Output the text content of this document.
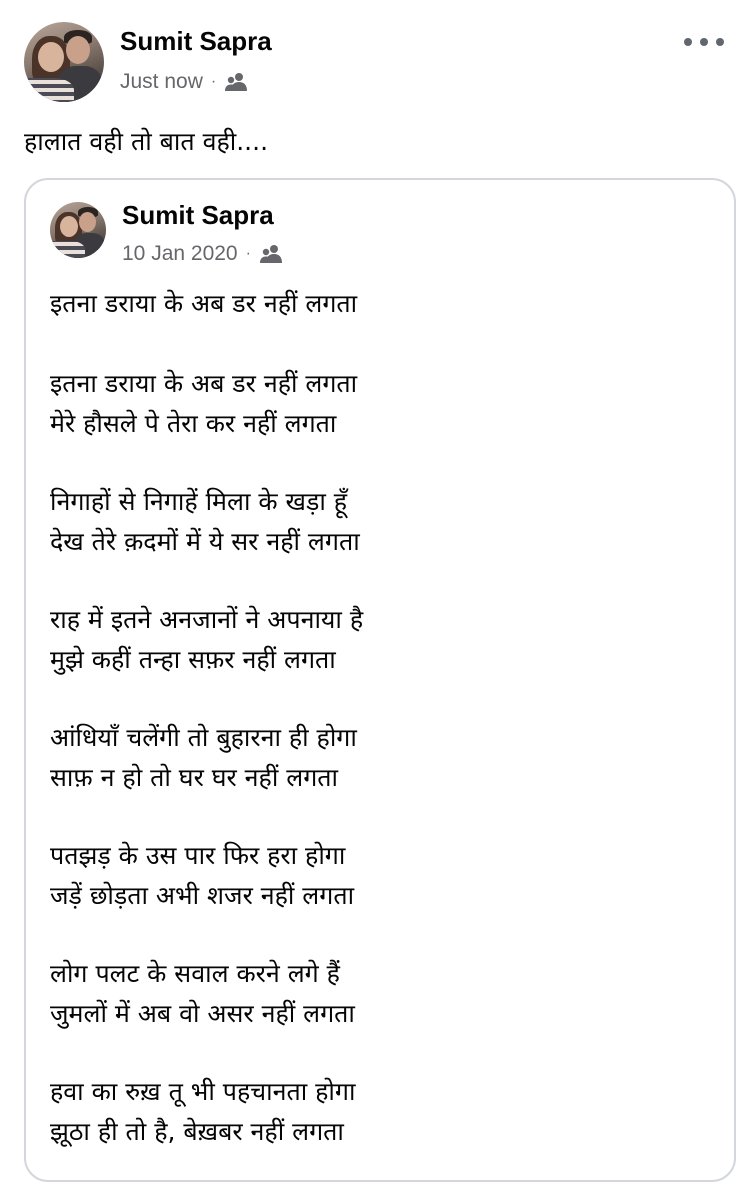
Sumit Sapra
Just now ·
हालात वही तो बात वही....
Sumit Sapra
10 Jan 2020 ·
इतना डराया के अब डर नहीं लगता
इतना डराया के अब डर नहीं लगता
मेरे हौसले पे तेरा कर नहीं लगता
निगाहों से निगाहें मिला के खड़ा हूँ
देख तेरे क़दमों में ये सर नहीं लगता
राह में इतने अनजानों ने अपनाया है
मुझे कहीं तन्हा सफ़र नहीं लगता
आंधियाँ चलेंगी तो बुहारना ही होगा
साफ़ न हो तो घर घर नहीं लगता
पतझड़ के उस पार फिर हरा होगा
जड़ें छोड़ता अभी शजर नहीं लगता
लोग पलट के सवाल करने लगे हैं
जुमलों में अब वो असर नहीं लगता
हवा का रुख़ तू भी पहचानता होगा
झूठा ही तो है, बेख़बर नहीं लगता
